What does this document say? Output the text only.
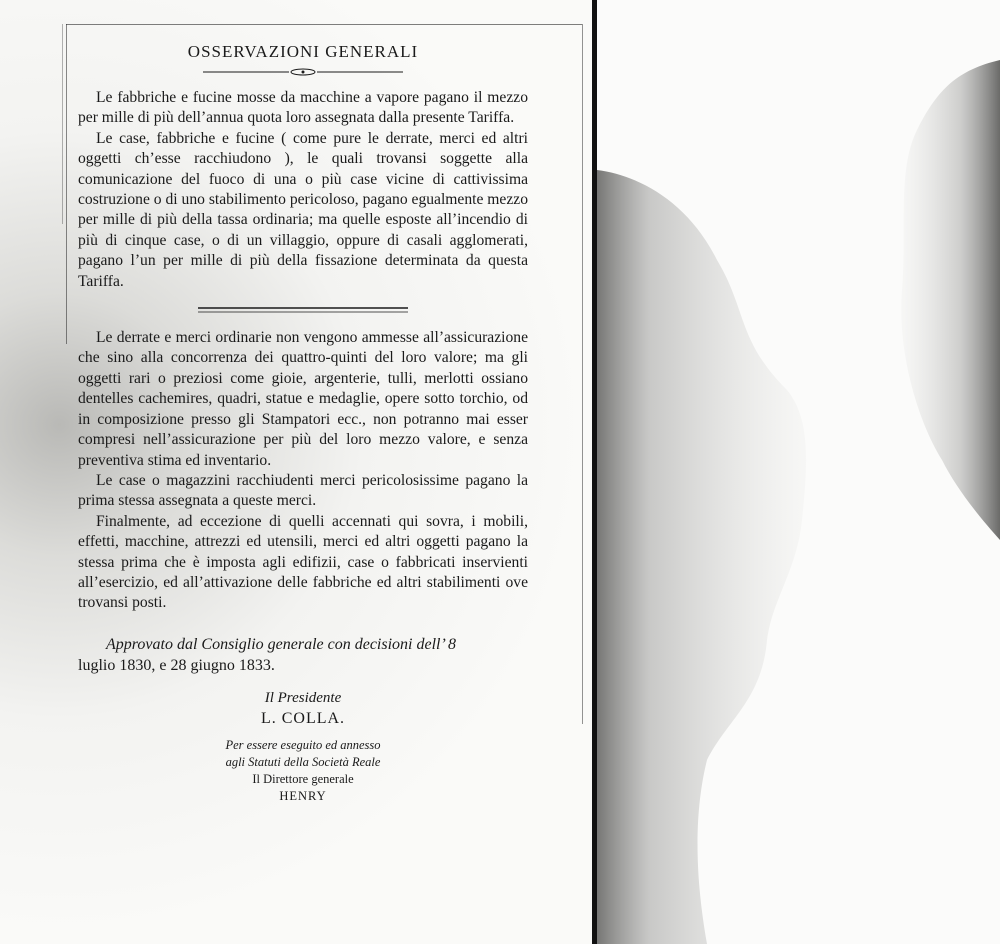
OSSERVAZIONI GENERALI

Le fabbriche e fucine mosse da macchine a vapore pagano il mezzo per mille di più dell’annua quota loro assegnata dalla presente Tariffa.

Le case, fabbriche e fucine ( come pure le derrate, merci ed altri oggetti ch’esse racchiudono ), le quali trovansi soggette alla comunicazione del fuoco di una o più case vicine di cattivissima costruzione o di uno stabilimento pericoloso, pagano egualmente mezzo per mille di più della tassa ordinaria; ma quelle esposte all’incendio di più di cinque case, o di un villaggio, oppure di casali agglomerati, pagano l’un per mille di più della fissazione determinata da questa Tariffa.

Le derrate e merci ordinarie non vengono ammesse all’assicurazione che sino alla concorrenza dei quattro-quinti del loro valore; ma gli oggetti rari o preziosi come gioie, argenterie, tulli, merlotti ossiano dentelles cachemires, quadri, statue e medaglie, opere sotto torchio, od in composizione presso gli Stampatori ecc., non potranno mai esser compresi nell’assicurazione per più del loro mezzo valore, e senza preventiva stima ed inventario.

Le case o magazzini racchiudenti merci pericolosissime pagano la prima stessa assegnata a queste merci.

Finalmente, ad eccezione di quelli accennati qui sovra, i mobili, effetti, macchine, attrezzi ed utensili, merci ed altri oggetti pagano la stessa prima che è imposta agli edifizii, case o fabbricati inservienti all’esercizio, ed all’attivazione delle fabbriche ed altri stabilimenti ove trovansi posti.

Approvato dal Consiglio generale con decisioni dell’ 8
luglio 1830, e 28 giugno 1833.

Il Presidente

L. COLLA.

Per essere eseguito ed annesso

agli Statuti della Società Reale

Il Direttore generale

HENRY
